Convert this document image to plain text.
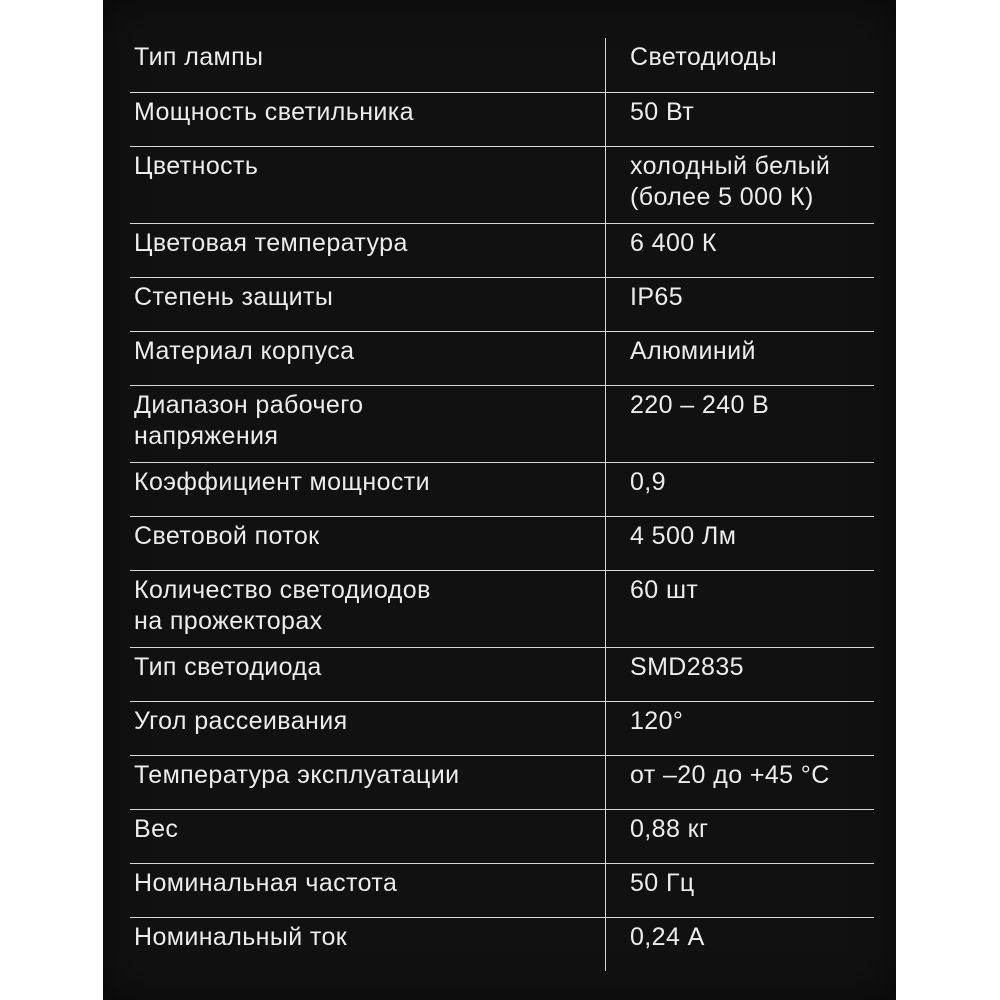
Тип лампы	Светодиоды
Мощность светильника	50 Вт
Цветность	холодный белый
(более 5 000 К)
Цветовая температура	6 400 К
Степень защиты	IP65
Материал корпуса	Алюминий
Диапазон рабочего
напряжения	220 – 240 В
Коэффициент мощности	0,9
Световой поток	4 500 Лм
Количество светодиодов
на прожекторах	60 шт
Тип светодиода	SMD2835
Угол рассеивания	120°
Температура эксплуатации	от –20 до +45 °С
Вес	0,88 кг
Номинальная частота	50 Гц
Номинальный ток	0,24 А
